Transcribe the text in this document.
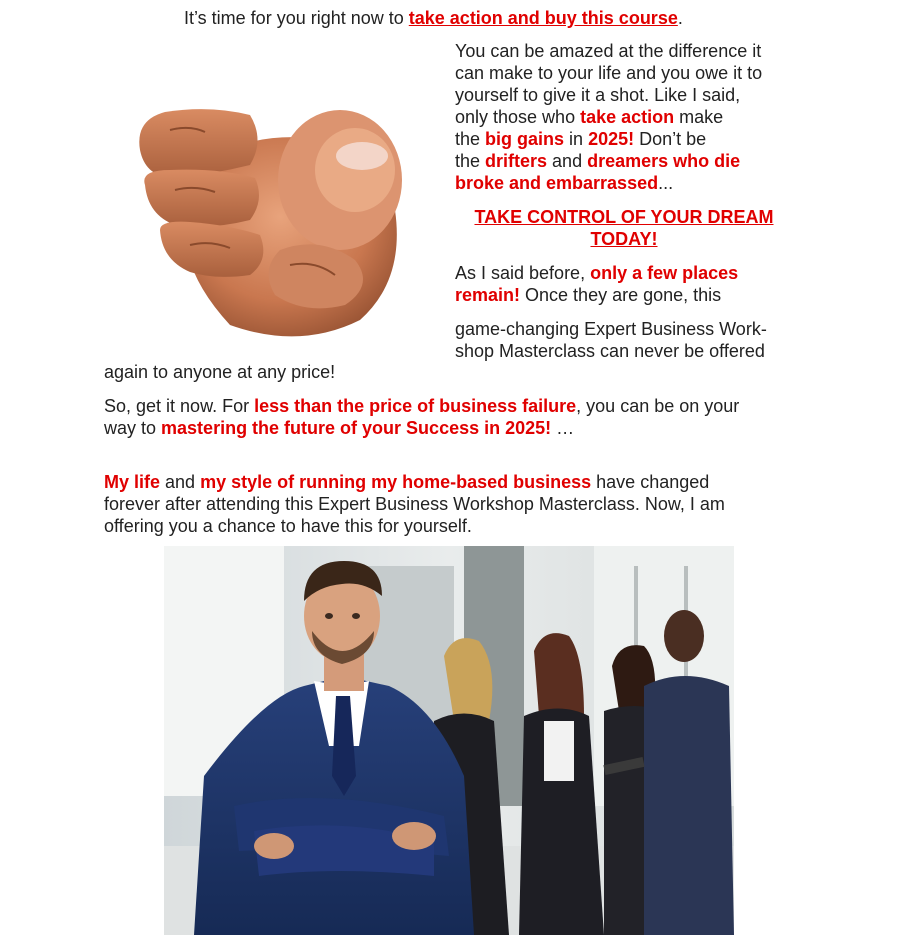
It’s time for you right now to take action and buy this course.
You can be amazed at the difference it
can make to your life and you owe it to
yourself to give it a shot. Like I said,
only those who take action make
the big gains in 2025! Don’t be
the drifters and dreamers who die
broke and embarrassed...
TAKE CONTROL OF YOUR DREAM
TODAY!
As I said before, only a few places
remain! Once they are gone, this
game-changing Expert Business Work-
shop Masterclass can never be offered
again to anyone at any price!
So, get it now. For less than the price of business failure, you can be on your
way to mastering the future of your Success in 2025! …
My life and my style of running my home-based business have changed
forever after attending this Expert Business Workshop Masterclass. Now, I am
offering you a chance to have this for yourself.
